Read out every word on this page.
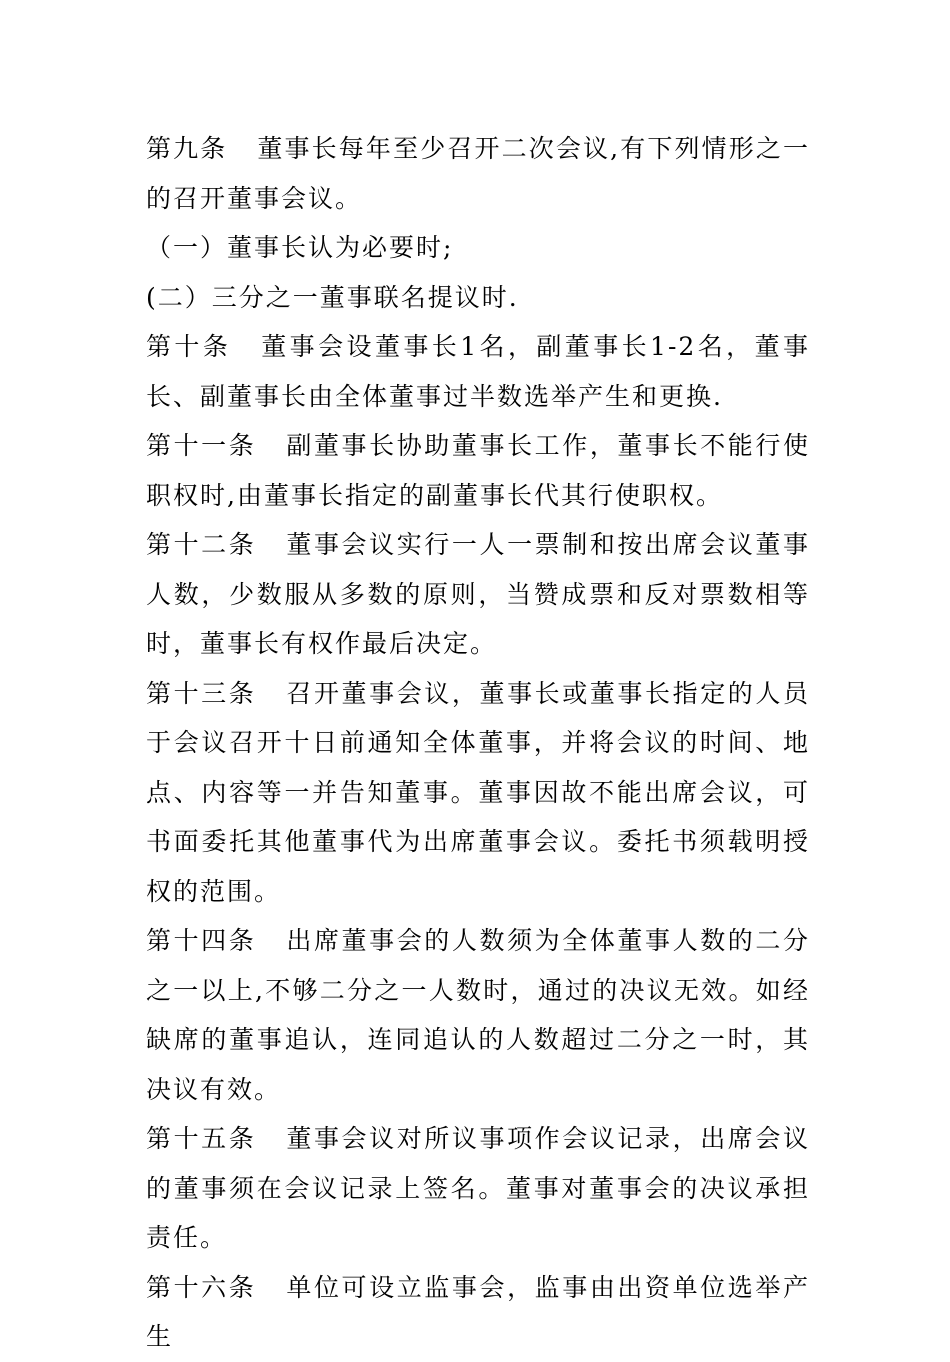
第九条 董事长每年至少召开二次会议,有下列情形之一的召开董事会议。

（一）董事长认为必要时;

(二）三分之一董事联名提议时.

第十条 董事会设董事长1名，副董事长1-2名，董事长、副董事长由全体董事过半数选举产生和更换.

第十一条 副董事长协助董事长工作，董事长不能行使职权时,由董事长指定的副董事长代其行使职权。

第十二条 董事会议实行一人一票制和按出席会议董事人数，少数服从多数的原则，当赞成票和反对票数相等时，董事长有权作最后决定。

第十三条 召开董事会议，董事长或董事长指定的人员于会议召开十日前通知全体董事，并将会议的时间、地点、内容等一并告知董事。董事因故不能出席会议，可书面委托其他董事代为出席董事会议。委托书须载明授权的范围。

第十四条 出席董事会的人数须为全体董事人数的二分之一以上,不够二分之一人数时，通过的决议无效。如经缺席的董事追认，连同追认的人数超过二分之一时，其决议有效。

第十五条 董事会议对所议事项作会议记录，出席会议的董事须在会议记录上签名。董事对董事会的决议承担责任。

第十六条 单位可设立监事会，监事由出资单位选举产生
